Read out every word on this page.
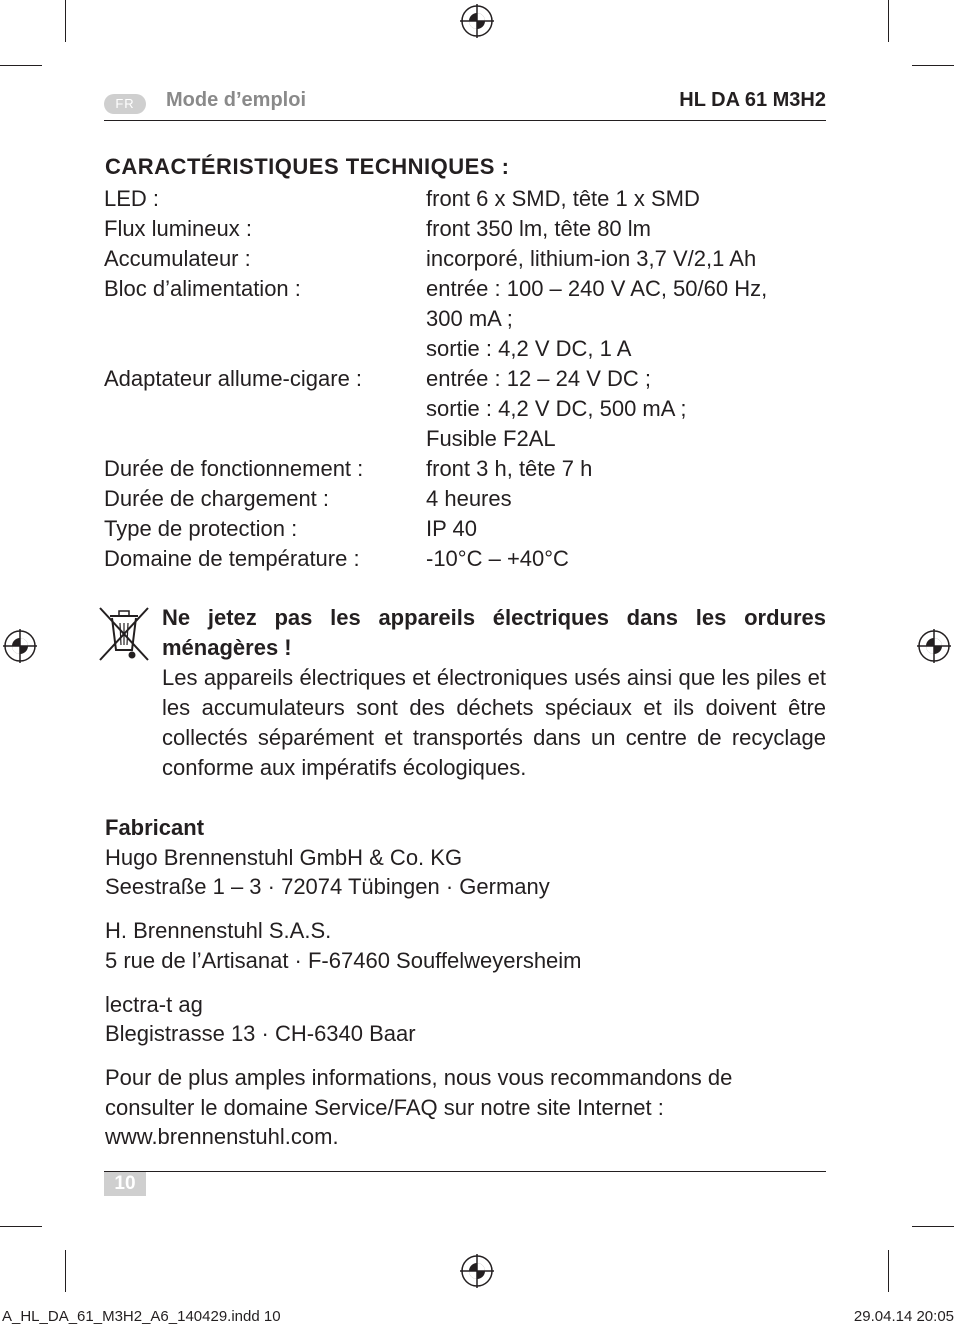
FR	Mode d’emploi	HL DA 61 M3H2
CARACTÉRISTIQUES TECHNIQUES :
LED :	front 6 x SMD, tête 1 x SMD
Flux lumineux :	front 350 lm, tête 80 lm
Accumulateur :	incorporé, lithium-ion 3,7 V/2,1 Ah
Bloc d’alimentation :	entrée : 100 – 240 V AC, 50/60 Hz,
300 mA ;
sortie : 4,2 V DC, 1 A
Adaptateur allume-cigare :	entrée : 12 – 24 V DC ;
sortie : 4,2 V DC, 500 mA ;
Fusible F2AL
Durée de fonctionnement :	front 3 h, tête 7 h
Durée de chargement :	4 heures
Type de protection :	IP 40
Domaine de température :	-10°C – +40°C
Ne jetez pas les appareils électriques dans les ordures ménagères !
Les appareils électriques et électroniques usés ainsi que les piles et les accumulateurs sont des déchets spéciaux et ils doivent être collectés séparément et transportés dans un centre de recyclage conforme aux impératifs écologiques.
Fabricant
Hugo Brennenstuhl GmbH & Co. KG
Seestraße 1 – 3 · 72074 Tübingen · Germany
H. Brennenstuhl S.A.S.
5 rue de l’Artisanat · F-67460 Souffelweyersheim
lectra-t ag
Blegistrasse 13 · CH-6340 Baar
Pour de plus amples informations, nous vous recommandons de
consulter le domaine Service/FAQ sur notre site Internet :
www.brennenstuhl.com.
10
A_HL_DA_61_M3H2_A6_140429.indd 10	29.04.14 20:05
